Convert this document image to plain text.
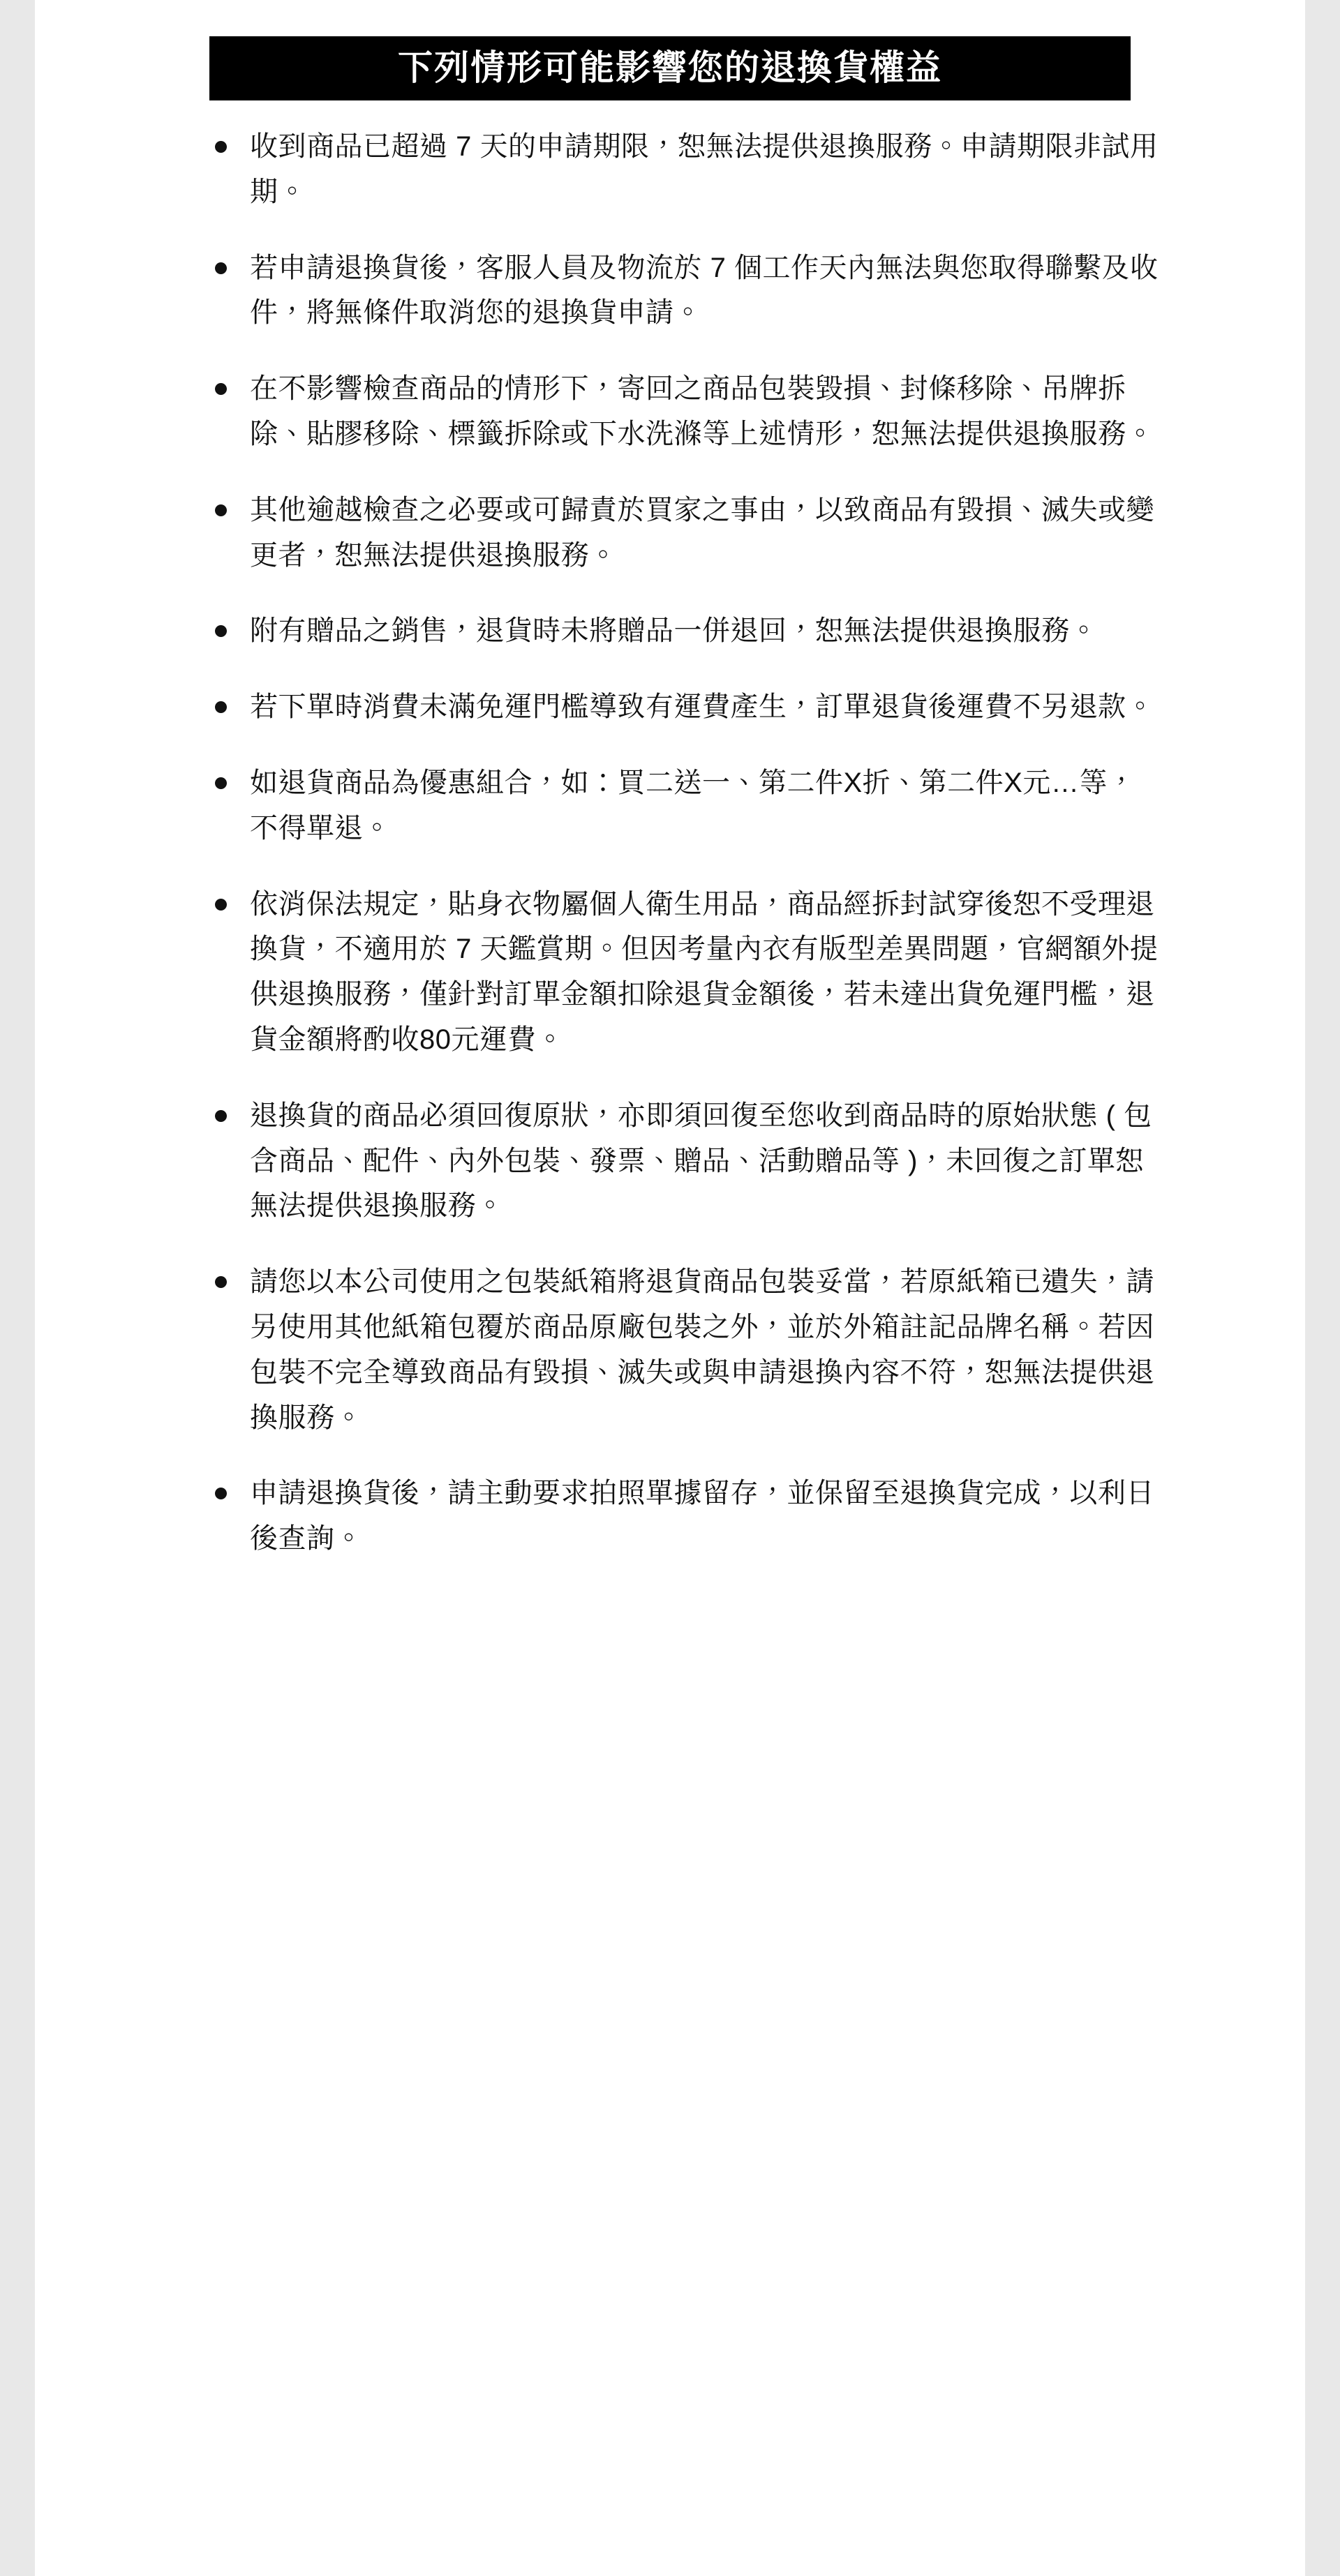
下列情形可能影響您的退換貨權益
收到商品已超過 7 天的申請期限，恕無法提供退換服務。申請期限非試用期。
若申請退換貨後，客服人員及物流於 7 個工作天內無法與您取得聯繫及收件，將無條件取消您的退換貨申請。
在不影響檢查商品的情形下，寄回之商品包裝毀損、封條移除、吊牌拆除、貼膠移除、標籤拆除或下水洗滌等上述情形，恕無法提供退換服務。
其他逾越檢查之必要或可歸責於買家之事由，以致商品有毀損、滅失或變更者，恕無法提供退換服務。
附有贈品之銷售，退貨時未將贈品一併退回，恕無法提供退換服務。
若下單時消費未滿免運門檻導致有運費產生，訂單退貨後運費不另退款。
如退貨商品為優惠組合，如：買二送一、第二件X折、第二件X元…等，不得單退。
依消保法規定，貼身衣物屬個人衛生用品，商品經拆封試穿後恕不受理退換貨，不適用於 7 天鑑賞期。但因考量內衣有版型差異問題，官網額外提供退換服務，僅針對訂單金額扣除退貨金額後，若未達出貨免運門檻，退貨金額將酌收80元運費。
退換貨的商品必須回復原狀，亦即須回復至您收到商品時的原始狀態 ( 包含商品、配件、內外包裝、發票、贈品、活動贈品等 )，未回復之訂單恕無法提供退換服務。
請您以本公司使用之包裝紙箱將退貨商品包裝妥當，若原紙箱已遺失，請另使用其他紙箱包覆於商品原廠包裝之外，並於外箱註記品牌名稱。若因包裝不完全導致商品有毀損、滅失或與申請退換內容不符，恕無法提供退換服務。
申請退換貨後，請主動要求拍照單據留存，並保留至退換貨完成，以利日後查詢。
